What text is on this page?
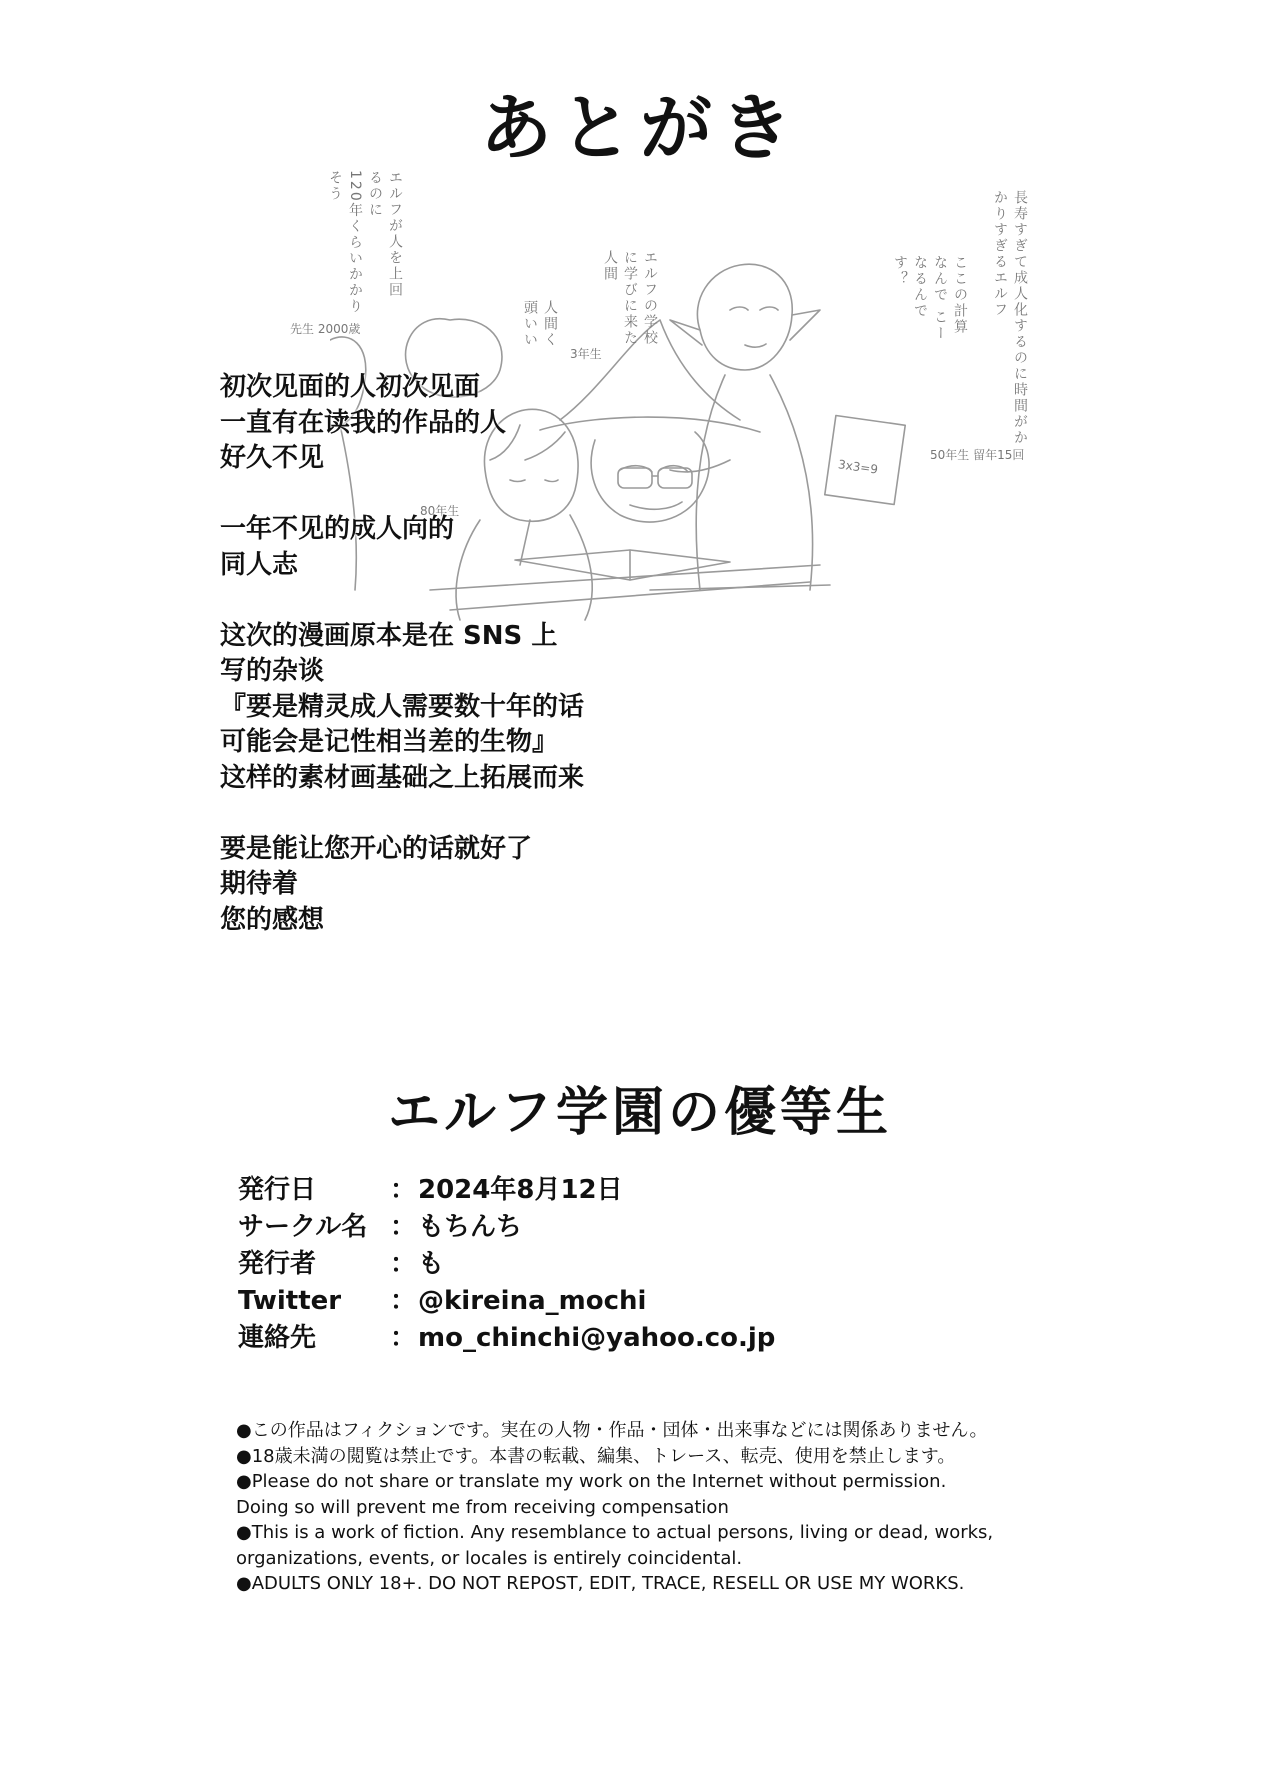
あとがき
120年くらいかかりそう	エルフが人を上回るのに
先生 2000歳	人間く 頭いい	エルフの学校に学びに来た人間
3年生
80年生
ここの計算なんで こーなるんです？	長寿すぎて成人化するのに時間がかかりすぎるエルフ
50年生 留年15回
3x3=9

初次见面的人初次见面

一直有在读我的作品的人

好久不见

一年不见的成人向的

同人志

这次的漫画原本是在 SNS 上

写的杂谈

『要是精灵成人需要数十年的话

可能会是记性相当差的生物』

这样的素材画基础之上拓展而来

要是能让您开心的话就好了

期待着

您的感想

エルフ学園の優等生
発行日	： 2024年8月12日
サークル名 ： もちんち
発行者	： も
Twitter	： @kireina_mochi
連絡先	： mo_chinchi@yahoo.co.jp
●この作品はフィクションです。実在の人物・作品・団体・出来事などには関係ありません。
●18歳未満の閲覧は禁止です。本書の転載、編集、トレース、転売、使用を禁止します。
●Please do not share or translate my work on the Internet without permission.
Doing so will prevent me from receiving compensation
●This is a work of fiction. Any resemblance to actual persons, living or dead, works,
organizations, events, or locales is entirely coincidental.
●ADULTS ONLY 18+. DO NOT REPOST, EDIT, TRACE, RESELL OR USE MY WORKS.
